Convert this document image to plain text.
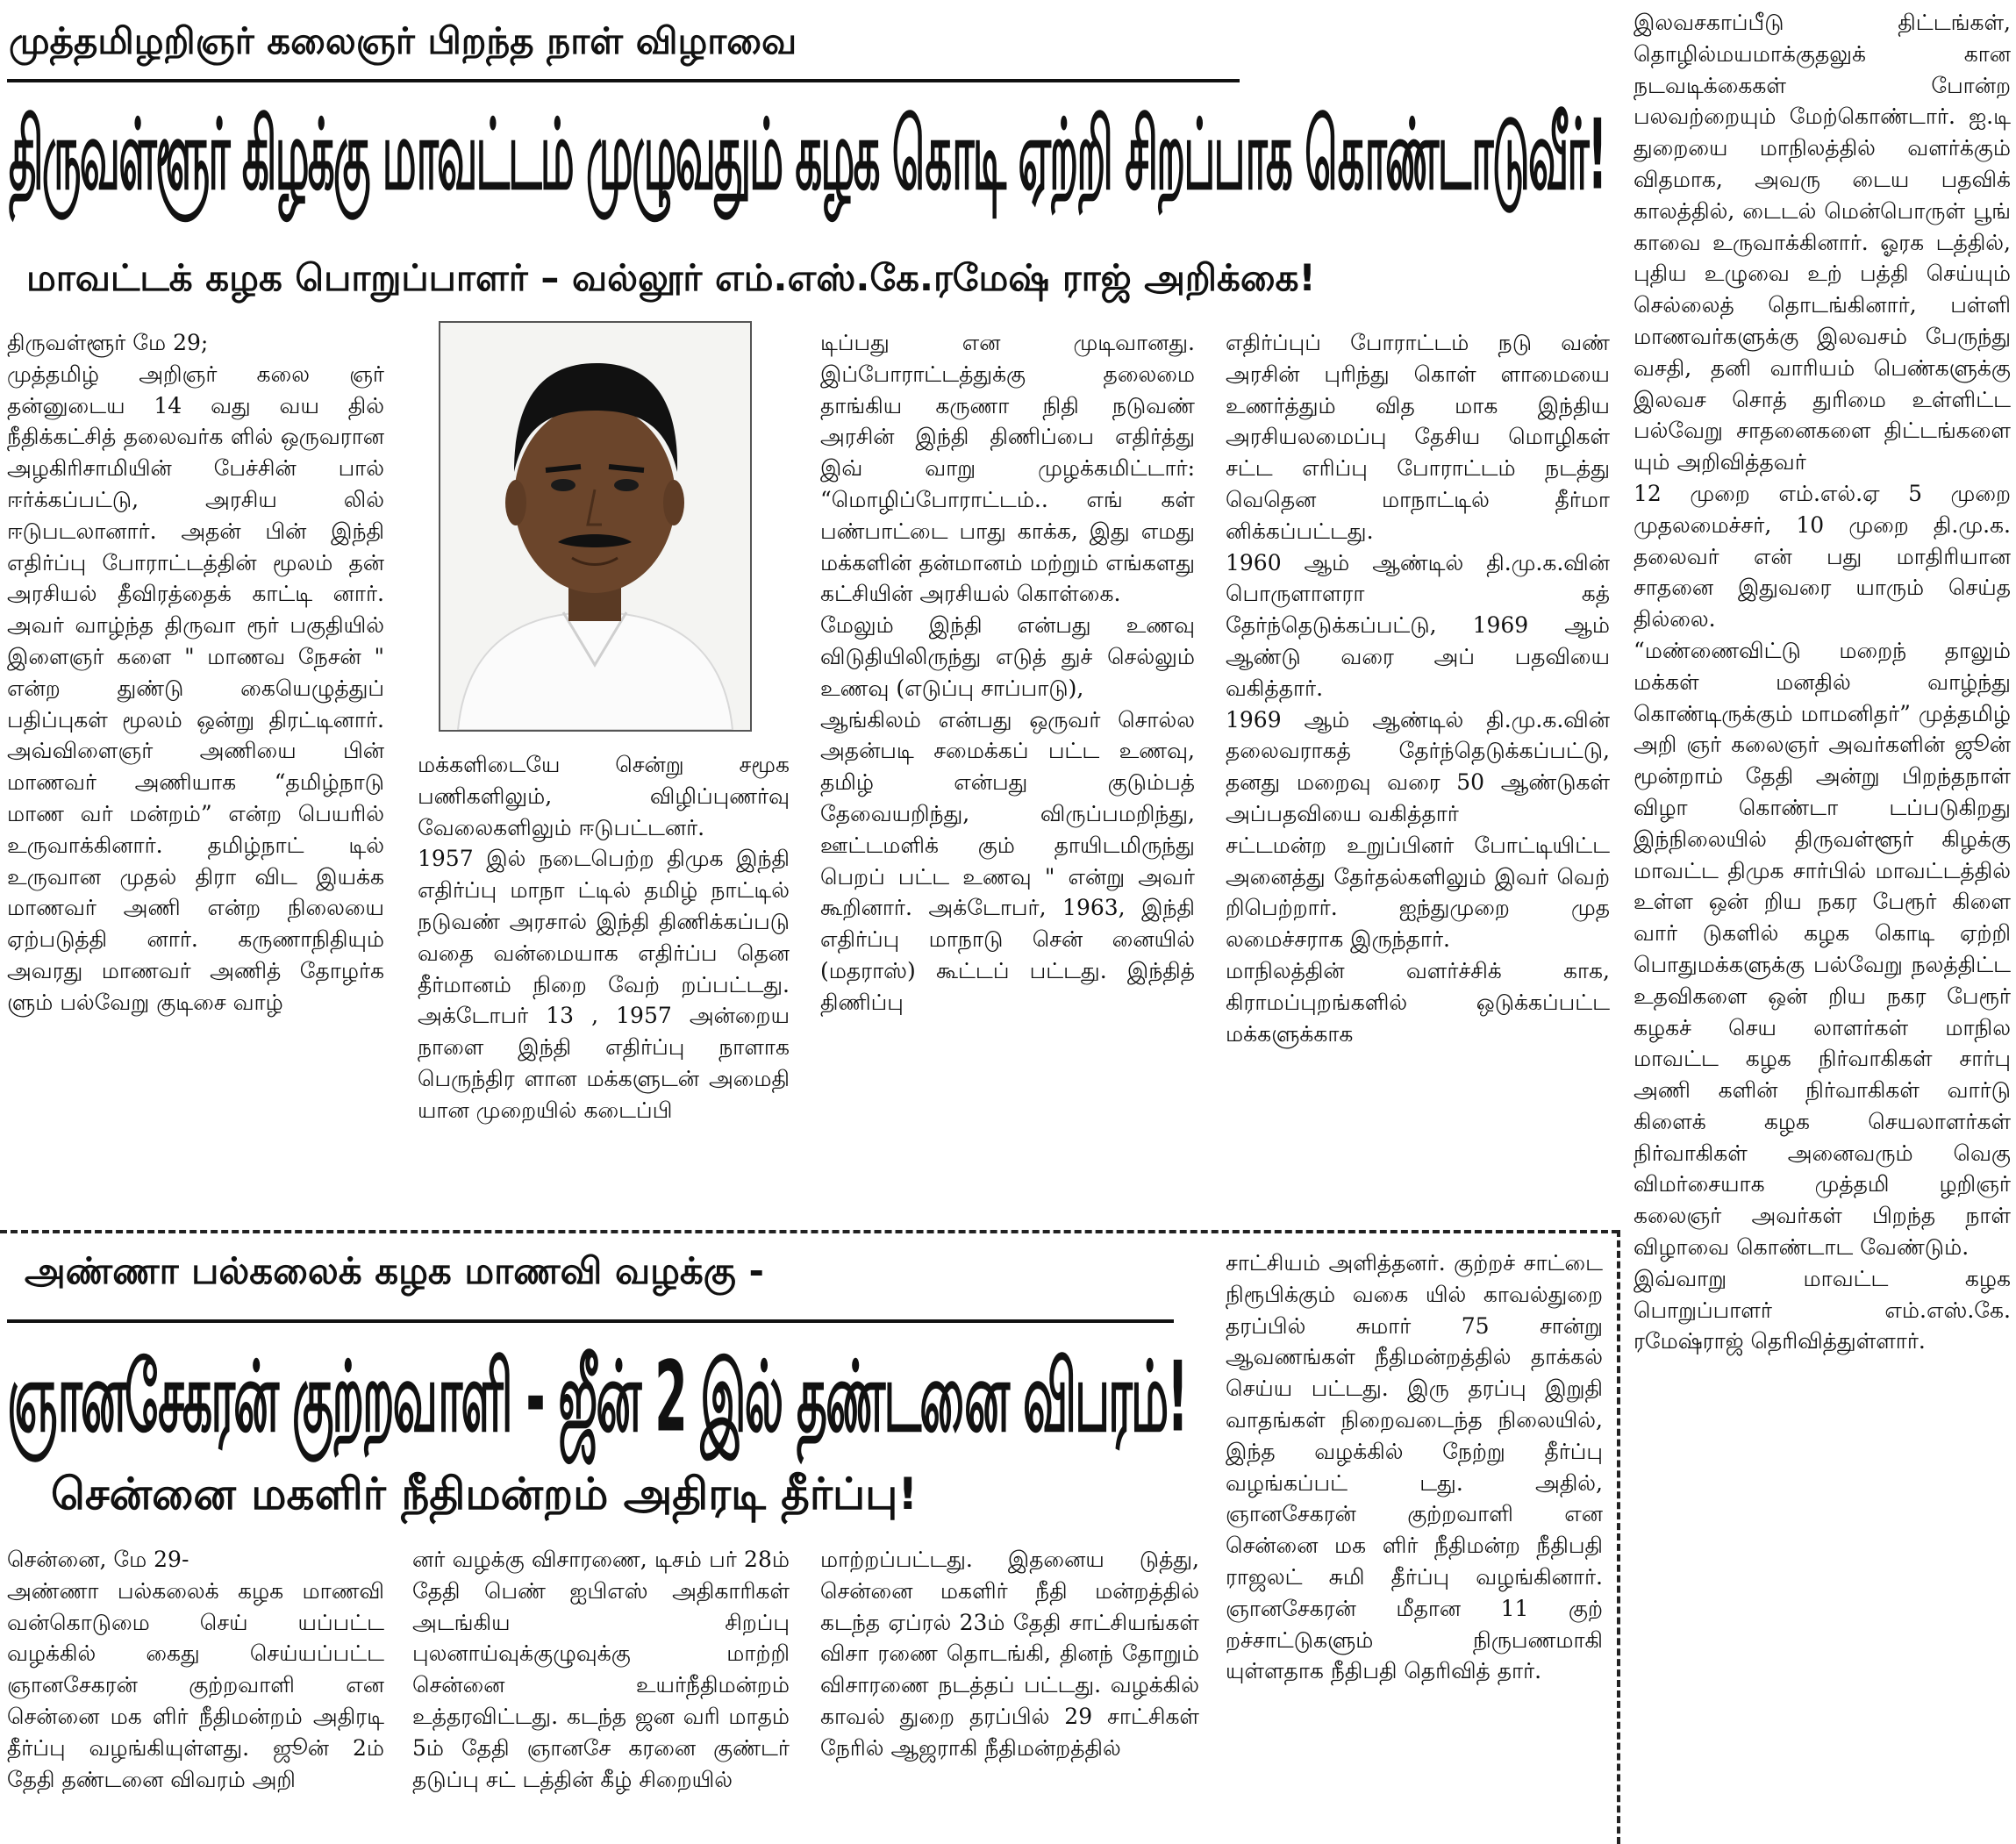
முத்தமிழறிஞர் கலைஞர் பிறந்த நாள் விழாவை
திருவள்ளூர் கிழக்கு மாவட்டம் முழுவதும் கழக கொடி ஏற்றி சிறப்பாக கொண்டாடுவீர்!
மாவட்டக் கழக பொறுப்பாளர் – வல்லூர் எம்.எஸ்.கே.ரமேஷ் ராஜ் அறிக்கை!

திருவள்ளூர் மே 29;
முத்தமிழ் அறிஞர் கலை ஞர் தன்னுடைய 14 வது வய தில் நீதிக்கட்சித் தலைவர்க ளில் ஒருவரான அழகிரிசாமியின் பேச்சின் பால் ஈர்க்கப்பட்டு, அரசிய லில் ஈடுபடலானார். அதன் பின் இந்தி எதிர்ப்பு போராட்டத்தின் மூலம் தன் அரசியல் தீவிரத்தைக் காட்டி னார். அவர் வாழ்ந்த திருவா ரூர் பகுதியில் இளைஞர் களை " மாணவ நேசன் " என்ற துண்டு கையெழுத்துப் பதிப்புகள் மூலம் ஒன்று திரட்டினார். அவ்விளைஞர் அணியை பின் மாணவர் அணியாக “தமிழ்நாடு மாண வர் மன்றம்” என்ற பெயரில் உருவாக்கினார். தமிழ்நாட் டில் உருவான முதல் திரா விட இயக்க மாணவர் அணி என்ற நிலையை ஏற்படுத்தி னார். கருணாநிதியும் அவரது மாணவர் அணித் தோழர்க ளும் பல்வேறு குடிசை வாழ்

மக்களிடையே சென்று சமூக பணிகளிலும், விழிப்புணர்வு வேலைகளிலும் ஈடுபட்டனர்.
1957 இல் நடைபெற்ற திமுக இந்தி எதிர்ப்பு மாநா ட்டில் தமிழ் நாட்டில் நடுவண் அரசால் இந்தி திணிக்கப்படு வதை வன்மையாக எதிர்ப்ப தென தீர்மானம் நிறை வேற் றப்பட்டது. அக்டோபர் 13 , 1957 அன்றைய நாளை இந்தி எதிர்ப்பு நாளாக பெருந்திர ளான மக்களுடன் அமைதி யான முறையில் கடைப்பி

டிப்பது என முடிவானது. இப்போராட்டத்துக்கு தலைமை தாங்கிய கருணா நிதி நடுவண் அரசின் இந்தி திணிப்பை எதிர்த்து இவ் வாறு முழக்கமிட்டார்: “மொழிப்போராட்டம்.. எங் கள் பண்பாட்டை பாது காக்க, இது எமது மக்களின் தன்மானம் மற்றும் எங்களது கட்சியின் அரசியல் கொள்கை.
மேலும் இந்தி என்பது உணவு விடுதியிலிருந்து எடுத் துச் செல்லும் உணவு (எடுப்பு சாப்பாடு),
ஆங்கிலம் என்பது ஒருவர் சொல்ல அதன்படி சமைக்கப் பட்ட உணவு, தமிழ் என்பது குடும்பத் தேவையறிந்து, விருப்பமறிந்து, ஊட்டமளிக் கும் தாயிடமிருந்து பெறப் பட்ட உணவு " என்று அவர் கூறினார். அக்டோபர், 1963, இந்தி எதிர்ப்பு மாநாடு சென் னையில் (மதராஸ்) கூட்டப் பட்டது. இந்தித் திணிப்பு

எதிர்ப்புப் போராட்டம் நடு வண் அரசின் புரிந்து கொள் ளாமையை உணர்த்தும் வித மாக இந்திய அரசியலமைப்பு தேசிய மொழிகள் சட்ட எரிப்பு போராட்டம் நடத்து வெதென மாநாட்டில் தீர்மா னிக்கப்பட்டது.
1960 ஆம் ஆண்டில் தி.மு.க.வின் பொருளாளரா கத் தேர்ந்தெடுக்கப்பட்டு, 1969 ஆம் ஆண்டு வரை அப் பதவியை வகித்தார்.
1969 ஆம் ஆண்டில் தி.மு.க.வின் தலைவராகத் தேர்ந்தெடுக்கப்பட்டு, தனது மறைவு வரை 50 ஆண்டுகள் அப்பதவியை வகித்தார்
சட்டமன்ற உறுப்பினர் போட்டியிட்ட அனைத்து தேர்தல்களிலும் இவர் வெற் றிபெற்றார். ஐந்துமுறை முத லமைச்சராக இருந்தார்.
மாநிலத்தின் வளர்ச்சிக் காக, கிராமப்புறங்களில் ஒடுக்கப்பட்ட மக்களுக்காக

இலவசகாப்பீடு திட்டங்கள், தொழில்மயமாக்குதலுக் கான நடவடிக்கைகள் போன்ற பலவற்றையும் மேற்கொண்டார். ஐ.டி துறையை மாநிலத்தில் வளர்க்கும் விதமாக, அவரு டைய பதவிக் காலத்தில், டைடல் மென்பொருள் பூங் காவை உருவாக்கினார். ஓரக டத்தில், புதிய உழுவை உற் பத்தி செய்யும் செல்லைத் தொடங்கினார், பள்ளி மாணவர்களுக்கு இலவசம் பேருந்து வசதி, தனி வாரியம் பெண்களுக்கு இலவச சொத் துரிமை உள்ளிட்ட பல்வேறு சாதனைகளை திட்டங்களை யும் அறிவித்தவர்
12 முறை எம்.எல்.ஏ 5 முறை முதலமைச்சர், 10 முறை தி.மு.க. தலைவர் என் பது மாதிரியான சாதனை இதுவரை யாரும் செய்த தில்லை.
“மண்ணைவிட்டு மறைந் தாலும் மக்கள் மனதில் வாழ்ந்து கொண்டிருக்கும் மாமனிதர்” முத்தமிழ் அறி ஞர் கலைஞர் அவர்களின் ஜூன் மூன்றாம் தேதி அன்று பிறந்தநாள் விழா கொண்டா டப்படுகிறது இந்நிலையில் திருவள்ளூர் கிழக்கு மாவட்ட திமுக சார்பில் மாவட்டத்தில் உள்ள ஒன் றிய நகர பேரூர் கிளை வார் டுகளில் கழக கொடி ஏற்றி பொதுமக்களுக்கு பல்வேறு நலத்திட்ட உதவிகளை ஒன் றிய நகர பேரூர் கழகச் செய லாளர்கள் மாநில மாவட்ட கழக நிர்வாகிகள் சார்பு அணி களின் நிர்வாகிகள் வார்டு கிளைக் கழக செயலாளர்கள் நிர்வாகிகள் அனைவரும் வெகு விமர்சையாக முத்தமி ழறிஞர் கலைஞர் அவர்கள் பிறந்த நாள் விழாவை கொண்டாட வேண்டும்.
இவ்வாறு மாவட்ட கழக பொறுப்பாளர் எம்.எஸ்.கே. ரமேஷ்ராஜ் தெரிவித்துள்ளார்.

அண்ணா பல்கலைக் கழக மாணவி வழக்கு -
ஞானசேகரன் குற்றவாளி - ஜீன் 2 இல் தண்டனை விபரம்!
சென்னை மகளிர் நீதிமன்றம் அதிரடி தீர்ப்பு!

சென்னை, மே 29-
அண்ணா பல்கலைக் கழக மாணவி வன்கொடுமை செய் யப்பட்ட வழக்கில் கைது செய்யப்பட்ட ஞானசேகரன் குற்றவாளி என சென்னை மக ளிர் நீதிமன்றம் அதிரடி தீர்ப்பு வழங்கியுள்ளது. ஜூன் 2ம் தேதி தண்டனை விவரம் அறி

னர் வழக்கு விசாரணை, டிசம் பர் 28ம் தேதி பெண் ஐபிஎஸ் அதிகாரிகள் அடங்கிய சிறப்பு புலனாய்வுக்குழுவுக்கு மாற்றி சென்னை உயர்நீதிமன்றம் உத்தரவிட்டது. கடந்த ஜன வரி மாதம் 5ம் தேதி ஞானசே கரனை குண்டர் தடுப்பு சட் டத்தின் கீழ் சிறையில்

மாற்றப்பட்டது. இதனைய டுத்து, சென்னை மகளிர் நீதி மன்றத்தில் கடந்த ஏப்ரல் 23ம் தேதி சாட்சியங்கள் விசா ரணை தொடங்கி, தினந் தோறும் விசாரணை நடத்தப் பட்டது. வழக்கில் காவல் துறை தரப்பில் 29 சாட்சிகள் நேரில் ஆஜராகி நீதிமன்றத்தில்

சாட்சியம் அளித்தனர். குற்றச் சாட்டை நிரூபிக்கும் வகை யில் காவல்துறை தரப்பில் சுமார் 75 சான்று ஆவணங்கள் நீதிமன்றத்தில் தாக்கல் செய்ய பட்டது. இரு தரப்பு இறுதி வாதங்கள் நிறைவடைந்த நிலையில், இந்த வழக்கில் நேற்று தீர்ப்பு வழங்கப்பட் டது. அதில், ஞானசேகரன் குற்றவாளி என சென்னை மக ளிர் நீதிமன்ற நீதிபதி ராஜலட் சுமி தீர்ப்பு வழங்கினார். ஞானசேகரன் மீதான 11 குற் றச்சாட்டுகளும் நிருபணமாகி யுள்ளதாக நீதிபதி தெரிவித் தார்.
